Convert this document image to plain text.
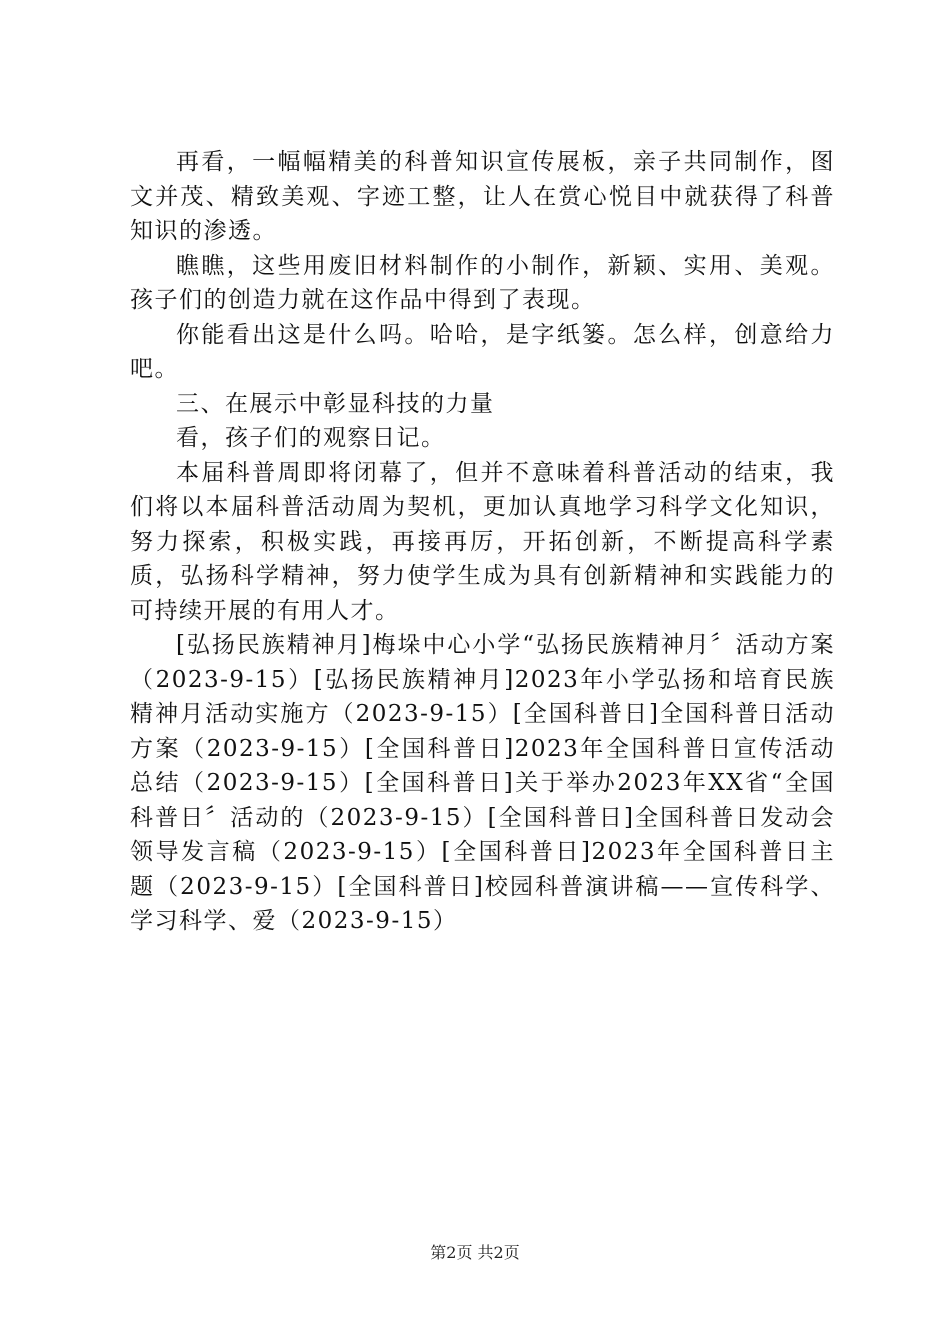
再看，一幅幅精美的科普知识宣传展板，亲子共同制作，图文并茂、精致美观、字迹工整，让人在赏心悦目中就获得了科普知识的渗透。

瞧瞧，这些用废旧材料制作的小制作，新颖、实用、美观。孩子们的创造力就在这作品中得到了表现。

你能看出这是什么吗。哈哈，是字纸篓。怎么样，创意给力吧。

三、在展示中彰显科技的力量

看，孩子们的观察日记。

本届科普周即将闭幕了，但并不意味着科普活动的结束，我们将以本届科普活动周为契机，更加认真地学习科学文化知识，努力探索，积极实践，再接再厉，开拓创新，不断提高科学素质，弘扬科学精神，努力使学生成为具有创新精神和实践能力的可持续开展的有用人才。

[弘扬民族精神月]梅垛中心小学“弘扬民族精神月〞活动方案（2023-9-15）[弘扬民族精神月]2023年小学弘扬和培育民族精神月活动实施方（2023-9-15）[全国科普日]全国科普日活动方案（2023-9-15）[全国科普日]2023年全国科普日宣传活动总结（2023-9-15）[全国科普日]关于举办2023年XX省“全国科普日〞活动的（2023-9-15）[全国科普日]全国科普日发动会领导发言稿（2023-9-15）[全国科普日]2023年全国科普日主题（2023-9-15）[全国科普日]校园科普演讲稿——宣传科学、学习科学、爱（2023-9-15）

第2页 共2页
